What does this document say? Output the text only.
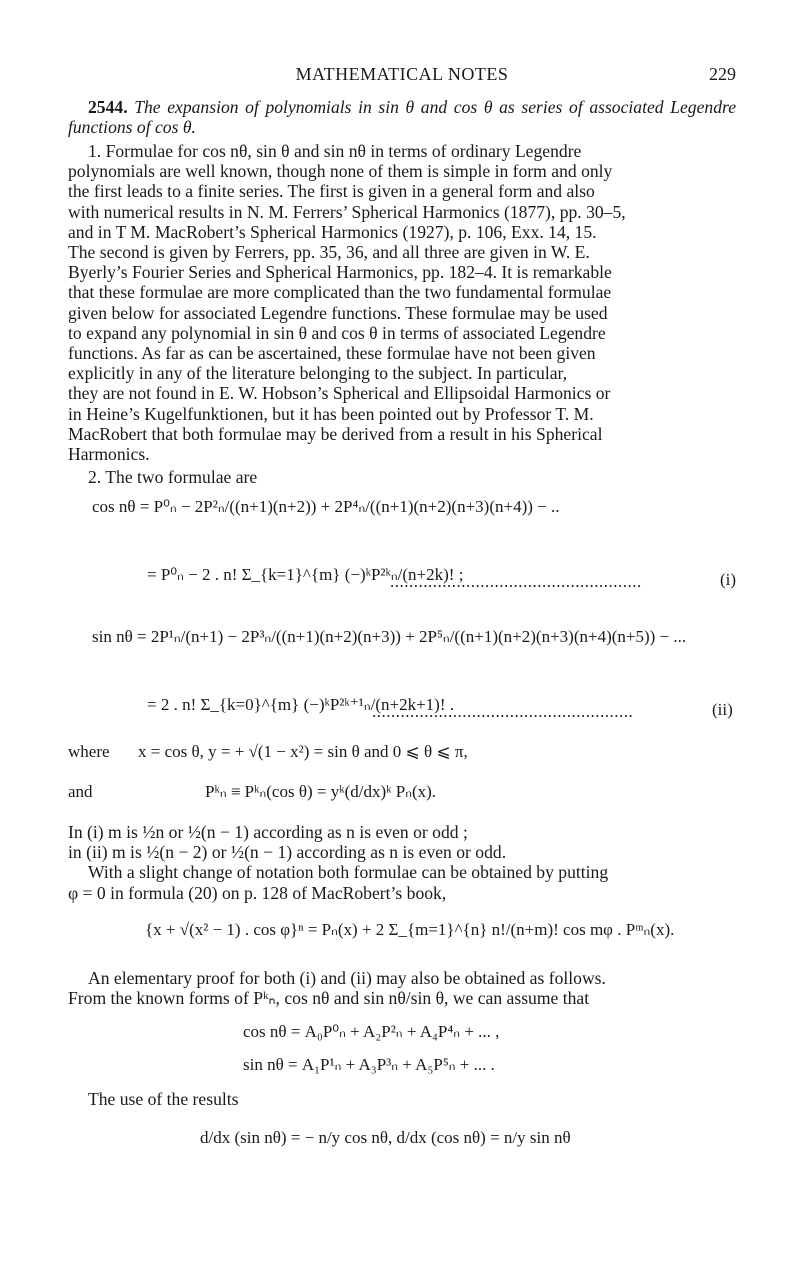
MATHEMATICAL NOTES	229

2544. The expansion of polynomials in sin θ and cos θ as series of associated Legendre functions of cos θ.

1. Formulae for cos nθ, sin θ and sin nθ in terms of ordinary Legendre
polynomials are well known, though none of them is simple in form and only
the first leads to a finite series. The first is given in a general form and also
with numerical results in N. M. Ferrers’ Spherical Harmonics (1877), pp. 30–5,
and in T M. MacRobert’s Spherical Harmonics (1927), p. 106, Exx. 14, 15.
The second is given by Ferrers, pp. 35, 36, and all three are given in W. E.
Byerly’s Fourier Series and Spherical Harmonics, pp. 182–4. It is remarkable
that these formulae are more complicated than the two fundamental formulae
given below for associated Legendre functions. These formulae may be used
to expand any polynomial in sin θ and cos θ in terms of associated Legendre
functions. As far as can be ascertained, these formulae have not been given
explicitly in any of the literature belonging to the subject. In particular,
they are not found in E. W. Hobson’s Spherical and Ellipsoidal Harmonics or
in Heine’s Kugelfunktionen, but it has been pointed out by Professor T. M.
MacRobert that both formulae may be derived from a result in his Spherical
Harmonics.
2. The two formulae are
cos nθ = P⁰ₙ − 2P²ₙ/((n+1)(n+2)) + 2P⁴ₙ/((n+1)(n+2)(n+3)(n+4)) − ..
= P⁰ₙ − 2 . n! Σ_{k=1}^{m} (−)ᵏP²ᵏₙ/(n+2k)! ;
.....................................................	(i)
sin nθ = 2P¹ₙ/(n+1) − 2P³ₙ/((n+1)(n+2)(n+3)) + 2P⁵ₙ/((n+1)(n+2)(n+3)(n+4)(n+5)) − ...
= 2 . n! Σ_{k=0}^{m} (−)ᵏP²ᵏ⁺¹ₙ/(n+2k+1)! .
.......................................................	(ii)
where x = cos θ, y = + √(1 − x²) = sin θ and 0 ⩽ θ ⩽ π,
and	Pᵏₙ ≡ Pᵏₙ(cos θ) = yᵏ(d/dx)ᵏ Pₙ(x).
In (i) m is ½n or ½(n − 1) according as n is even or odd ;
in (ii) m is ½(n − 2) or ½(n − 1) according as n is even or odd.
With a slight change of notation both formulae can be obtained by putting
φ = 0 in formula (20) on p. 128 of MacRobert’s book,
{x + √(x² − 1) . cos φ}ⁿ = Pₙ(x) + 2 Σ_{m=1}^{n} n!/(n+m)! cos mφ . Pᵐₙ(x).
An elementary proof for both (i) and (ii) may also be obtained as follows.
From the known forms of Pᵏₙ, cos nθ and sin nθ/sin θ, we can assume that
cos nθ = A₀P⁰ₙ + A₂P²ₙ + A₄P⁴ₙ + ... ,
sin nθ = A₁P¹ₙ + A₃P³ₙ + A₅P⁵ₙ + ... .
The use of the results
d/dx (sin nθ) = − n/y cos nθ, d/dx (cos nθ) = n/y sin nθ
